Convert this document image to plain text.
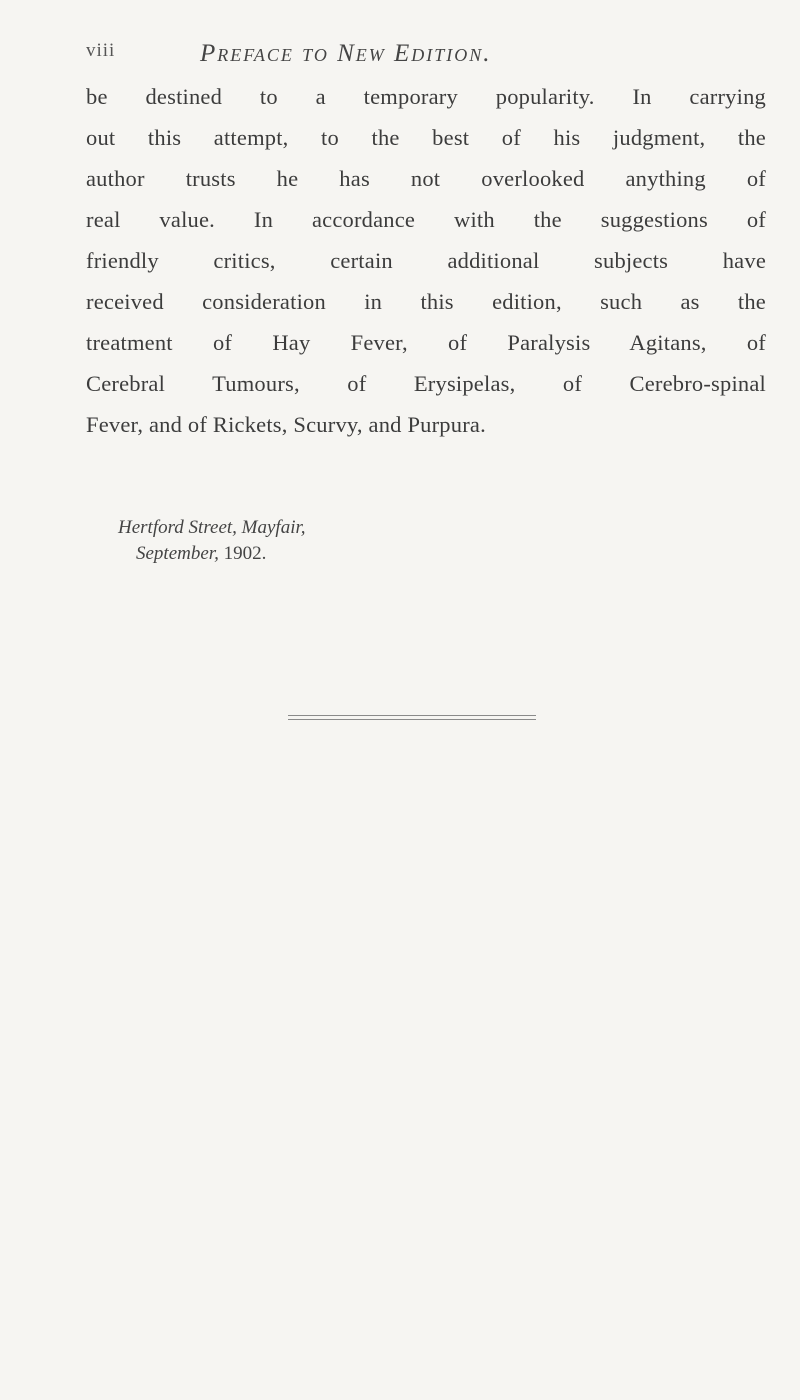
viii	Preface to New Edition.
be destined to a temporary popularity. In carrying
out this attempt, to the best of his judgment, the
author trusts he has not overlooked anything of
real value. In accordance with the suggestions of
friendly critics, certain additional subjects have
received consideration in this edition, such as the
treatment of Hay Fever, of Paralysis Agitans, of
Cerebral Tumours, of Erysipelas, of Cerebro-spinal
Fever, and of Rickets, Scurvy, and Purpura.
Hertford Street, Mayfair,
September, 1902.
